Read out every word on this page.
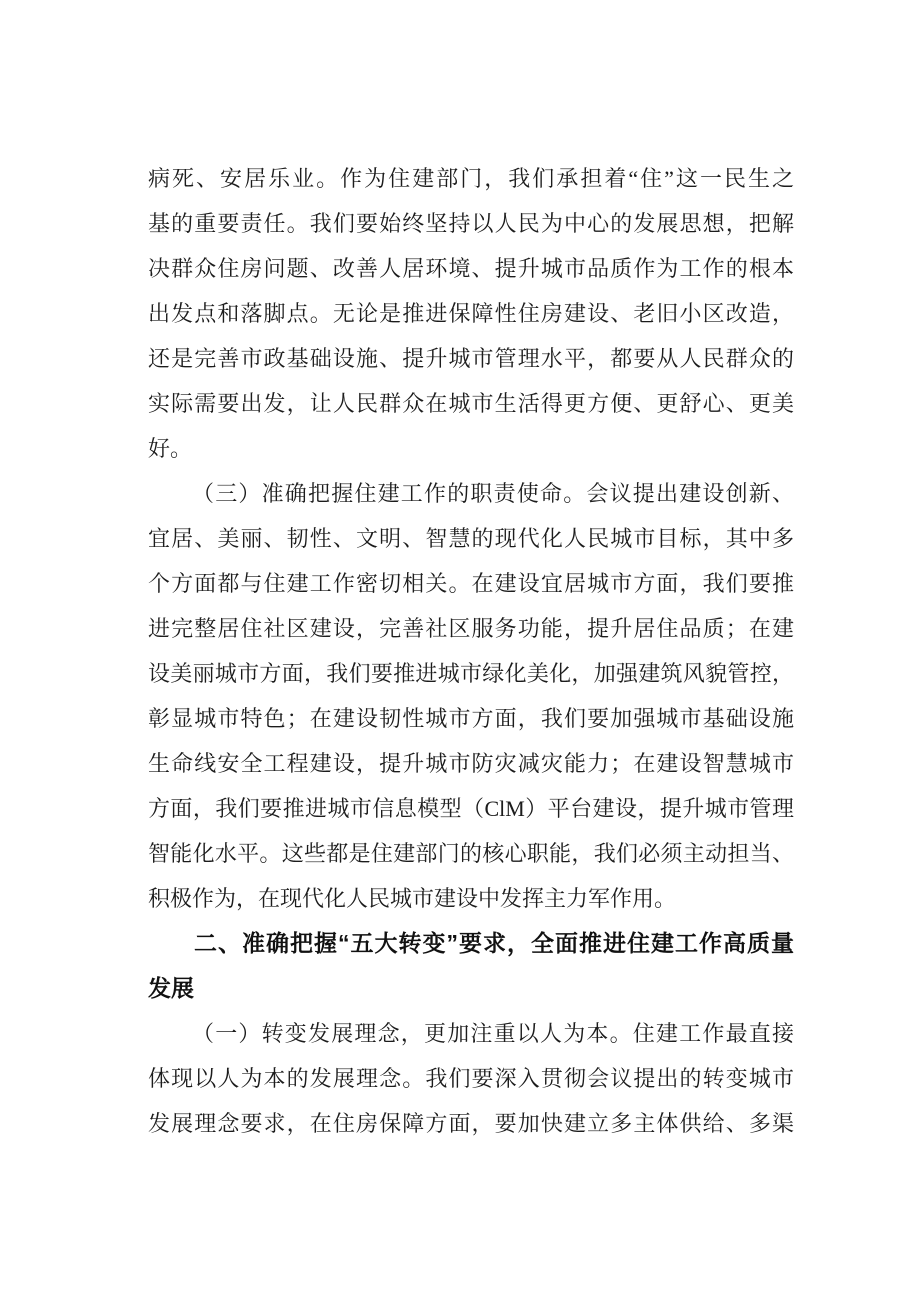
病死、安居乐业。作为住建部门，我们承担着“住”这一民生之
基的重要责任。我们要始终坚持以人民为中心的发展思想，把解
决群众住房问题、改善人居环境、提升城市品质作为工作的根本
出发点和落脚点。无论是推进保障性住房建设、老旧小区改造，
还是完善市政基础设施、提升城市管理水平，都要从人民群众的
实际需要出发，让人民群众在城市生活得更方便、更舒心、更美
好。
（三）准确把握住建工作的职责使命。会议提出建设创新、
宜居、美丽、韧性、文明、智慧的现代化人民城市目标，其中多
个方面都与住建工作密切相关。在建设宜居城市方面，我们要推
进完整居住社区建设，完善社区服务功能，提升居住品质；在建
设美丽城市方面，我们要推进城市绿化美化，加强建筑风貌管控，
彰显城市特色；在建设韧性城市方面，我们要加强城市基础设施
生命线安全工程建设，提升城市防灾减灾能力；在建设智慧城市
方面，我们要推进城市信息模型（ClM）平台建设，提升城市管理
智能化水平。这些都是住建部门的核心职能，我们必须主动担当、
积极作为，在现代化人民城市建设中发挥主力军作用。
二、准确把握“五大转变”要求，全面推进住建工作高质量
发展
（一）转变发展理念，更加注重以人为本。住建工作最直接
体现以人为本的发展理念。我们要深入贯彻会议提出的转变城市
发展理念要求，在住房保障方面，要加快建立多主体供给、多渠
